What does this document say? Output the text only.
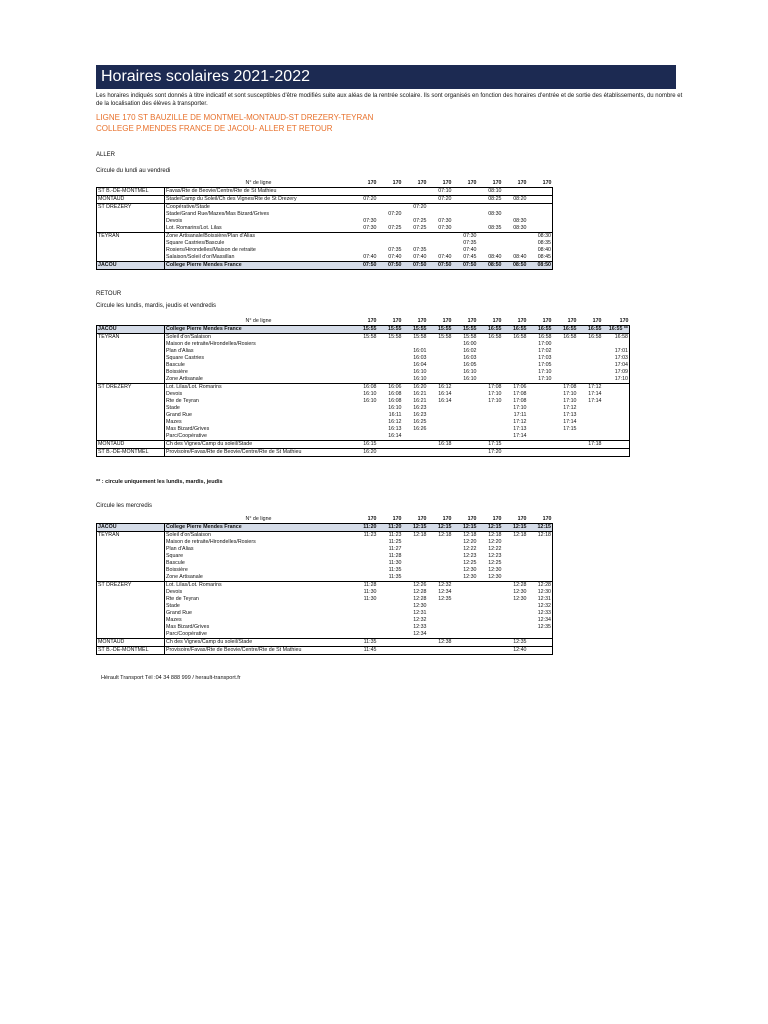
Horaires scolaires 2021-2022
Les horaires indiqués sont donnés à titre indicatif et sont susceptibles d'être modifiés suite aux aléas de la rentrée scolaire. Ils sont organisés en fonction des horaires d'entrée et de sortie des établissements, du nombre et de la localisation des élèves à transporter.
LIGNE 170 ST BAUZILLE DE MONTMEL-MONTAUD-ST DREZERY-TEYRAN
COLLEGE P.MENDES FRANCE DE JACOU- ALLER ET RETOUR
ALLER
Circule du lundi au vendredi
	N° de ligne	170	170	170	170	170	170	170	170
ST B.-DE-MONTMEL	Favas/Rte de Beovie/Centre/Rte de St Mathieu				07:10		08:10		
MONTAUD	Stade/Camp du Soleil/Ch des Vignes/Rte de St Drezery	07:20			07:20		08:25	08:20	
ST DREZERY	Coopérative/Stade			07:20					
	Stade/Grand Rue/Mazes/Mas Bizard/Grives		07:20				08:30		
	Devois	07:30		07:25	07:30			08:30	
	Lot. Romarins/Lot. Lilas	07:30	07:25	07:25	07:30		08:35	08:30	
TEYRAN	Zone Artisanale/Boissière/Plan d'Alias					07:30			08:30
	Square Castries/Bascule					07:35			08:35
	Rosiers/Hirondelles/Maison de retraite		07:35	07:35		07:40			08:40
	Salaison/Soleil d'or/Massillan	07:40	07:40	07:40	07:40	07:45	08:40	08:40	08:45
JACOU	College Pierre Mendes France	07:50	07:50	07:50	07:50	07:50	08:50	08:50	08:50
RETOUR
Circule les lundis, mardis, jeudis et vendredis
	N° de ligne	170	170	170	170	170	170	170	170	170	170	170
JACOU	College Pierre Mendes France	15:55	15:55	15:55	15:55	15:55	16:55	16:55	16:55	16:55	16:55	16:55 **
TEYRAN	Soleil d'or/Salaison	15:58	15:58	15:58	15:58	15:58	16:58	16:58	16:58	16:58	16:58	16:58
	Maison de retraite/Hirondelles/Rosiers					16:00			17:00			
	Plan d'Alias			16:01		16:02			17:02			17:01
	Square Castries			16:03		16:03			17:03			17:03
	Bascule			16:04		16:05			17:05			17:04
	Boissière			16:10		16:10			17:10			17:09
	Zone Artisanale			16:10		16:10			17:10			17:10
ST DREZERY	Lot. Lilas/Lot. Romarins	16:08	16:06	16:20	16:12		17:08	17:06		17:08	17:12	
	Devois	16:10	16:08	16:21	16:14		17:10	17:08		17:10	17:14	
	Rte de Teyran	16:10	16:08	16:21	16:14		17:10	17:08		17:10	17:14	
	Stade		16:10	16:23				17:10		17:12		
	Grand Rue		16:11	16:23				17:11		17:13		
	Mazes		16:12	16:25				17:12		17:14		
	Mas Bizard/Grives		16:13	16:26				17:13		17:15		
	Parc/Coopérative		16:14					17:14				
MONTAUD	Ch des Vignes/Camp du soleil/Stade	16:15			16:18		17:15				17:18	
ST B.-DE-MONTMEL	Provisoire/Favas/Rte de Beovie/Centre/Rte de St Mathieu	16:20					17:20					
** : circule uniquement les lundis, mardis, jeudis
Circule les mercredis
	N° de ligne	170	170	170	170	170	170	170	170
JACOU	College Pierre Mendes France	11:20	11:20	12:15	12:15	12:15	12:15	12:15	12:15
TEYRAN	Soleil d'or/Salaison	11:23	11:23	12:18	12:18	12:18	12:18	12:18	12:18
	Maison de retraite/Hirondelles/Rosiers		11:25			12:20	12:20		
	Plan d'Alias		11:27			12:22	12:22		
	Square		11:28			12:23	12:23		
	Bascule		11:30			12:25	12:25		
	Boissière		11:35			12:30	12:30		
	Zone Artisanale		11:35			12:30	12:30		
ST DREZERY	Lot. Lilas/Lot. Romarins	11:28		12:26	12:32			12:28	12:28
	Devois	11:30		12:28	12:34			12:30	12:30
	Rte de Teyran	11:30		12:28	12:35			12:30	12:31
	Stade			12:30					12:32
	Grand Rue			12:31					12:33
	Mazes			12:32					12:34
	Mas Bizard/Grives			12:33					12:35
	Parc/Coopérative			12:34					
MONTAUD	Ch des Vignes/Camp du soleil/Stade	11:35			12:38			12:35	
ST B.-DE-MONTMEL	Provisoire/Favas/Rte de Beovie/Centre/Rte de St Mathieu	11:45						12:40	
Hérault Transport Tél :04 34 888 999 / herault-transport.fr
